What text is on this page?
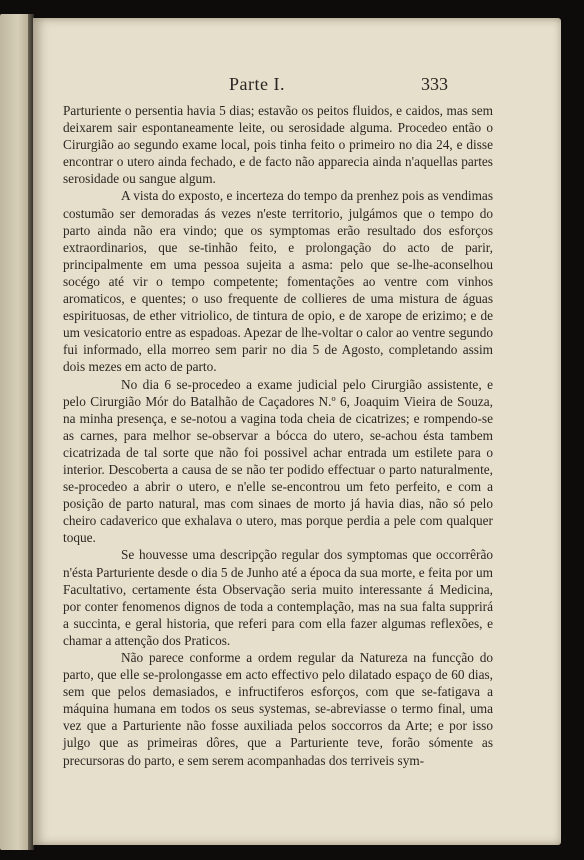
Parte I.	333

Parturiente o persentia havia 5 dias; estavão os peitos fluidos, e caidos, mas sem deixarem sair espontaneamente leite, ou serosidade alguma. Procedeo então o Cirurgião ao segundo exame local, pois tinha feito o primeiro no dia 24, e disse encontrar o utero ainda fechado, e de facto não apparecia ainda n'aquellas partes serosidade ou sangue algum.

A vista do exposto, e incerteza do tempo da prenhez pois as vendimas costumão ser demoradas ás vezes n'este territorio, julgámos que o tempo do parto ainda não era vindo; que os symptomas erão resultado dos esforços extraordinarios, que se-tinhão feito, e prolongação do acto de parir, principalmente em uma pessoa sujeita a asma: pelo que se-lhe-aconselhou socégo até vir o tempo competente; fomentações ao ventre com vinhos aromaticos, e quentes; o uso frequente de collieres de uma mistura de águas espirituosas, de ether vitriolico, de tintura de opio, e de xarope de erizimo; e de um vesicatorio entre as espadoas. Apezar de lhe-voltar o calor ao ventre segundo fui informado, ella morreo sem parir no dia 5 de Agosto, completando assim dois mezes em acto de parto.

No dia 6 se-procedeo a exame judicial pelo Cirurgião assistente, e pelo Cirurgião Mór do Batalhão de Caçadores N.º 6, Joaquim Vieira de Souza, na minha presença, e se-notou a vagina toda cheia de cicatrizes; e rompendo-se as carnes, para melhor se-observar a bócca do utero, se-achou ésta tambem cicatrizada de tal sorte que não foi possivel achar entrada um estilete para o interior. Descoberta a causa de se não ter podido effectuar o parto naturalmente, se-procedeo a abrir o utero, e n'elle se-encontrou um feto perfeito, e com a posição de parto natural, mas com sinaes de morto já havia dias, não só pelo cheiro cadaverico que exhalava o utero, mas porque perdia a pele com qualquer toque.

Se houvesse uma descripção regular dos symptomas que occorrêrão n'ésta Parturiente desde o dia 5 de Junho até a época da sua morte, e feita por um Facultativo, certamente ésta Observação seria muito interessante á Medicina, por conter fenomenos dignos de toda a contemplação, mas na sua falta supprirá a succinta, e geral historia, que referi para com ella fazer algumas reflexões, e chamar a attenção dos Praticos.

Não parece conforme a ordem regular da Natureza na funcção do parto, que elle se-prolongasse em acto effectivo pelo dilatado espaço de 60 dias, sem que pelos demasiados, e infructiferos esforços, com que se-fatigava a máquina humana em todos os seus systemas, se-abreviasse o termo final, uma vez que a Parturiente não fosse auxiliada pelos soccorros da Arte; e por isso julgo que as primeiras dôres, que a Parturiente teve, forão sómente as precursoras do parto, e sem serem acompanhadas dos terriveis sym-
